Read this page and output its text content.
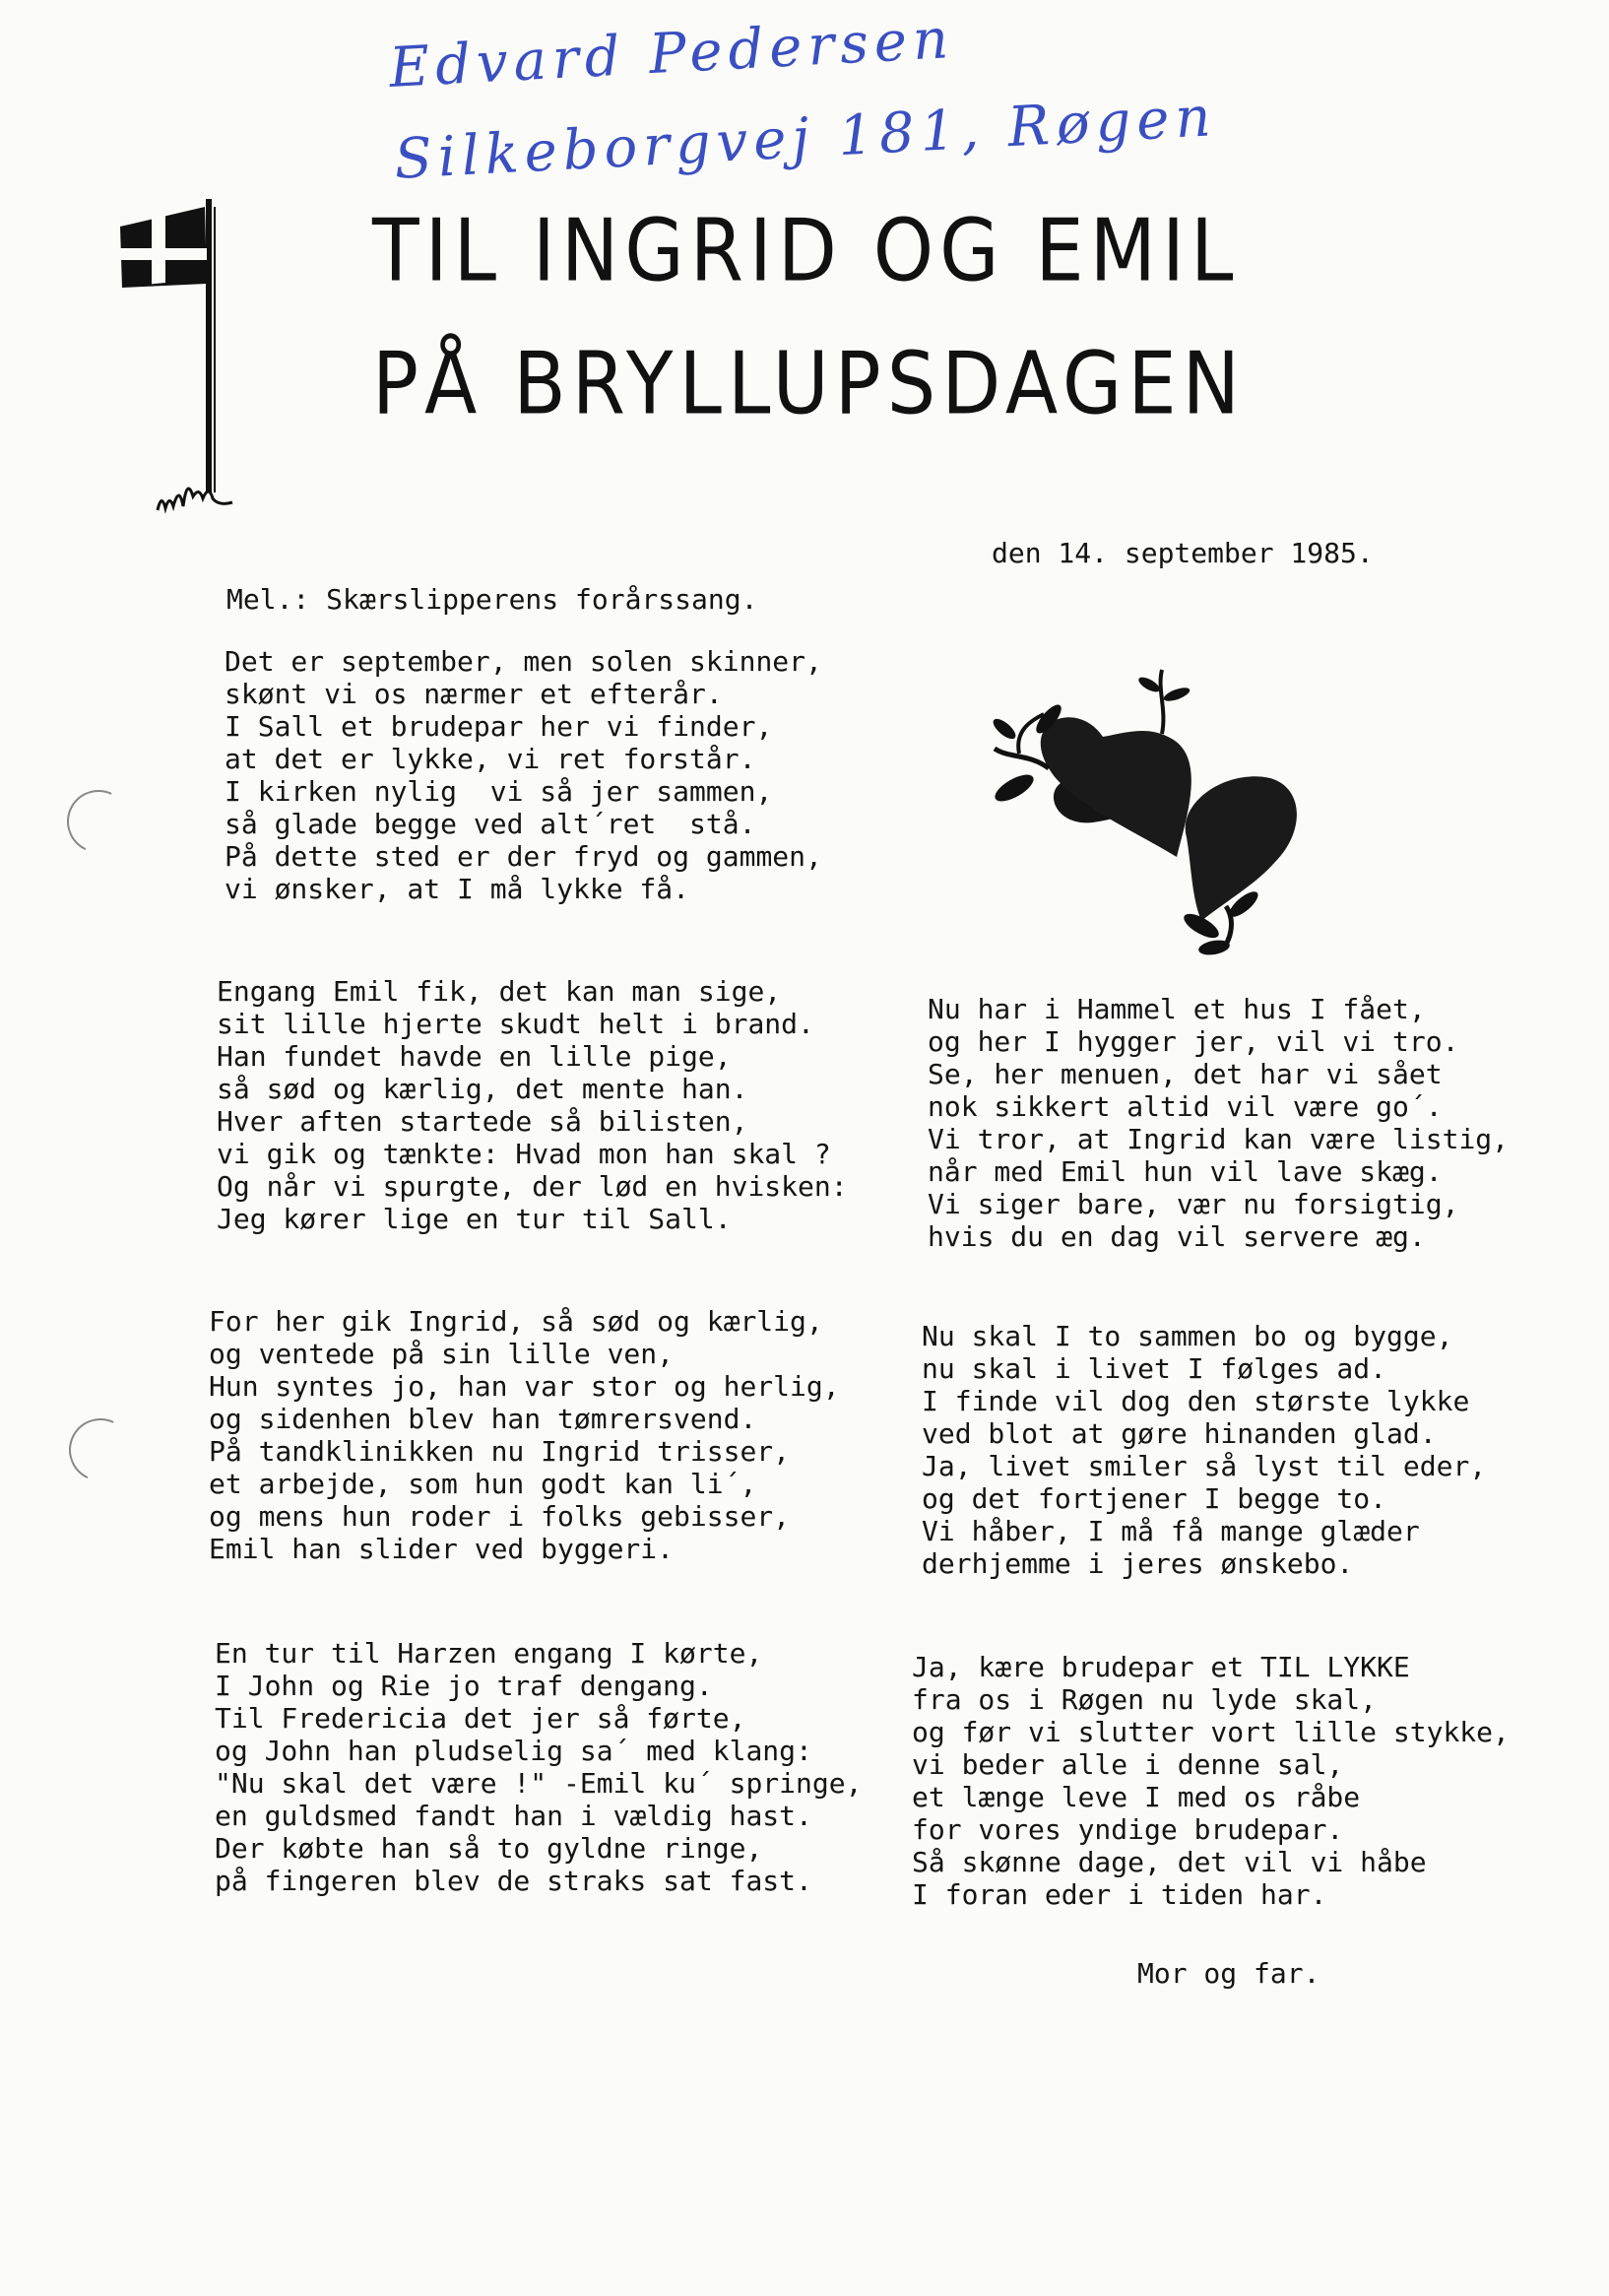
Edvard Pedersen
Silkeborgvej 181, Røgen
TIL INGRID OG EMIL
PÅ BRYLLUPSDAGEN
den 14. september 1985.
Mel.: Skærslipperens forårssang.
Det er september, men solen skinner,
skønt vi os nærmer et efterår.
I Sall et brudepar her vi finder,
at det er lykke, vi ret forstår.
I kirken nylig  vi så jer sammen,
så glade begge ved alt´ret  stå.
På dette sted er der fryd og gammen,
vi ønsker, at I må lykke få.
Engang Emil fik, det kan man sige,
sit lille hjerte skudt helt i brand.
Han fundet havde en lille pige,
så sød og kærlig, det mente han.
Hver aften startede så bilisten,
vi gik og tænkte: Hvad mon han skal ?
Og når vi spurgte, der lød en hvisken:
Jeg kører lige en tur til Sall.
For her gik Ingrid, så sød og kærlig,
og ventede på sin lille ven,
Hun syntes jo, han var stor og herlig,
og sidenhen blev han tømrersvend.
På tandklinikken nu Ingrid trisser,
et arbejde, som hun godt kan li´,
og mens hun roder i folks gebisser,
Emil han slider ved byggeri.
En tur til Harzen engang I kørte,
I John og Rie jo traf dengang.
Til Fredericia det jer så førte,
og John han pludselig sa´ med klang:
"Nu skal det være !" -Emil ku´ springe,
en guldsmed fandt han i vældig hast.
Der købte han så to gyldne ringe,
på fingeren blev de straks sat fast.
Nu har i Hammel et hus I fået,
og her I hygger jer, vil vi tro.
Se, her menuen, det har vi sået
nok sikkert altid vil være go´.
Vi tror, at Ingrid kan være listig,
når med Emil hun vil lave skæg.
Vi siger bare, vær nu forsigtig,
hvis du en dag vil servere æg.
Nu skal I to sammen bo og bygge,
nu skal i livet I følges ad.
I finde vil dog den største lykke
ved blot at gøre hinanden glad.
Ja, livet smiler så lyst til eder,
og det fortjener I begge to.
Vi håber, I må få mange glæder
derhjemme i jeres ønskebo.
Ja, kære brudepar et TIL LYKKE
fra os i Røgen nu lyde skal,
og før vi slutter vort lille stykke,
vi beder alle i denne sal,
et længe leve I med os råbe
for vores yndige brudepar.
Så skønne dage, det vil vi håbe
I foran eder i tiden har.
Mor og far.
